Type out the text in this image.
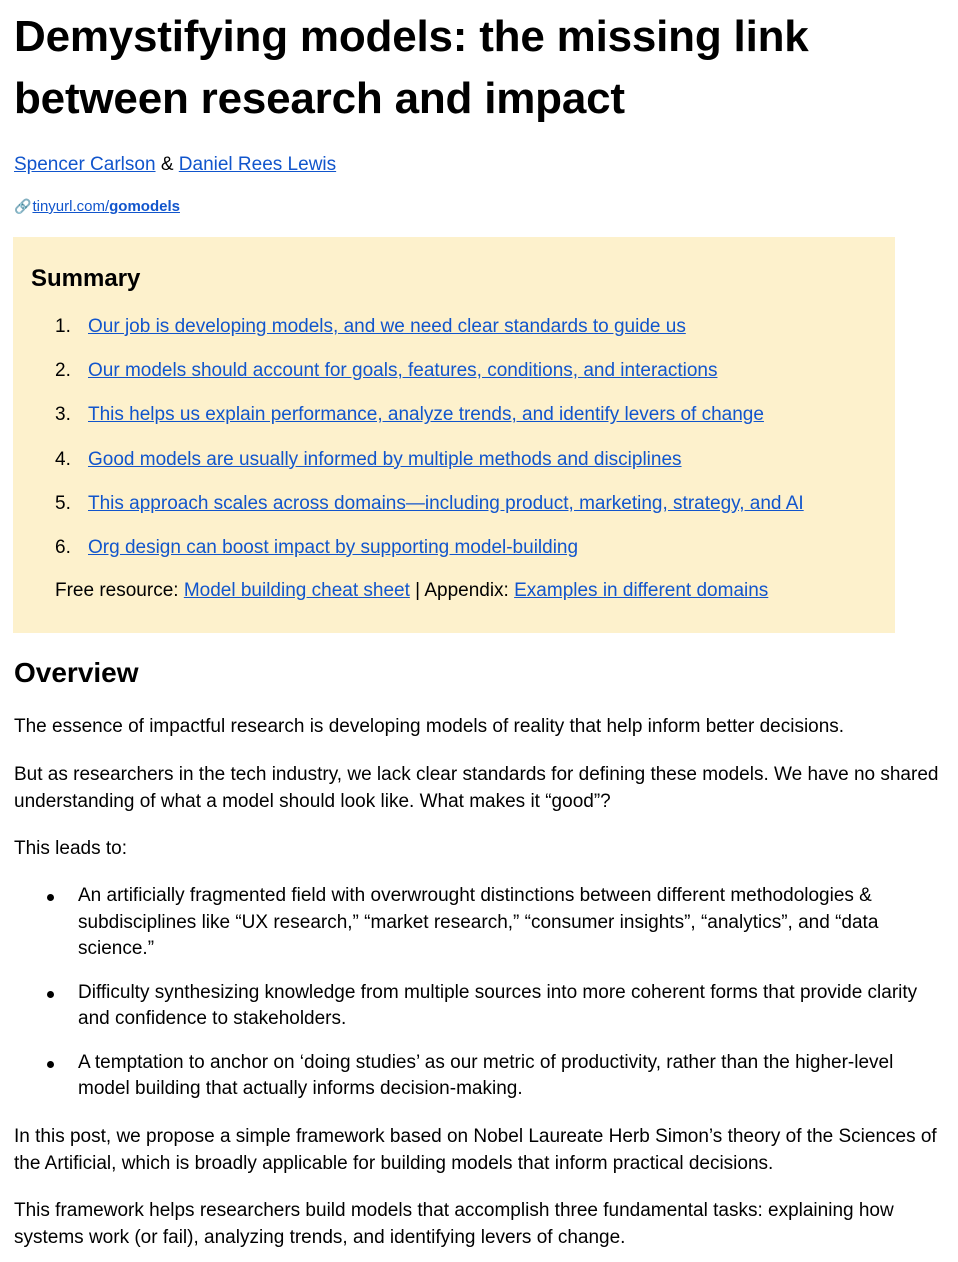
Demystifying models: the missing link between research and impact
Spencer Carlson & Daniel Rees Lewis
🔗tinyurl.com/gomodels
Summary
1. Our job is developing models, and we need clear standards to guide us
2. Our models should account for goals, features, conditions, and interactions
3. This helps us explain performance, analyze trends, and identify levers of change
4. Good models are usually informed by multiple methods and disciplines
5. This approach scales across domains—including product, marketing, strategy, and AI
6. Org design can boost impact by supporting model-building
Free resource: Model building cheat sheet | Appendix: Examples in different domains
Overview

The essence of impactful research is developing models of reality that help inform better decisions.

But as researchers in the tech industry, we lack clear standards for defining these models. We have no shared understanding of what a model should look like. What makes it “good”?

This leads to:

An artificially fragmented field with overwrought distinctions between different methodologies & subdisciplines like “UX research,” “market research,” “consumer insights”, “analytics”, and “data science.”
Difficulty synthesizing knowledge from multiple sources into more coherent forms that provide clarity and confidence to stakeholders.
A temptation to anchor on ‘doing studies’ as our metric of productivity, rather than the higher-level model building that actually informs decision-making.

In this post, we propose a simple framework based on Nobel Laureate Herb Simon’s theory of the Sciences of the Artificial, which is broadly applicable for building models that inform practical decisions.

This framework helps researchers build models that accomplish three fundamental tasks: explaining how systems work (or fail), analyzing trends, and identifying levers of change.
